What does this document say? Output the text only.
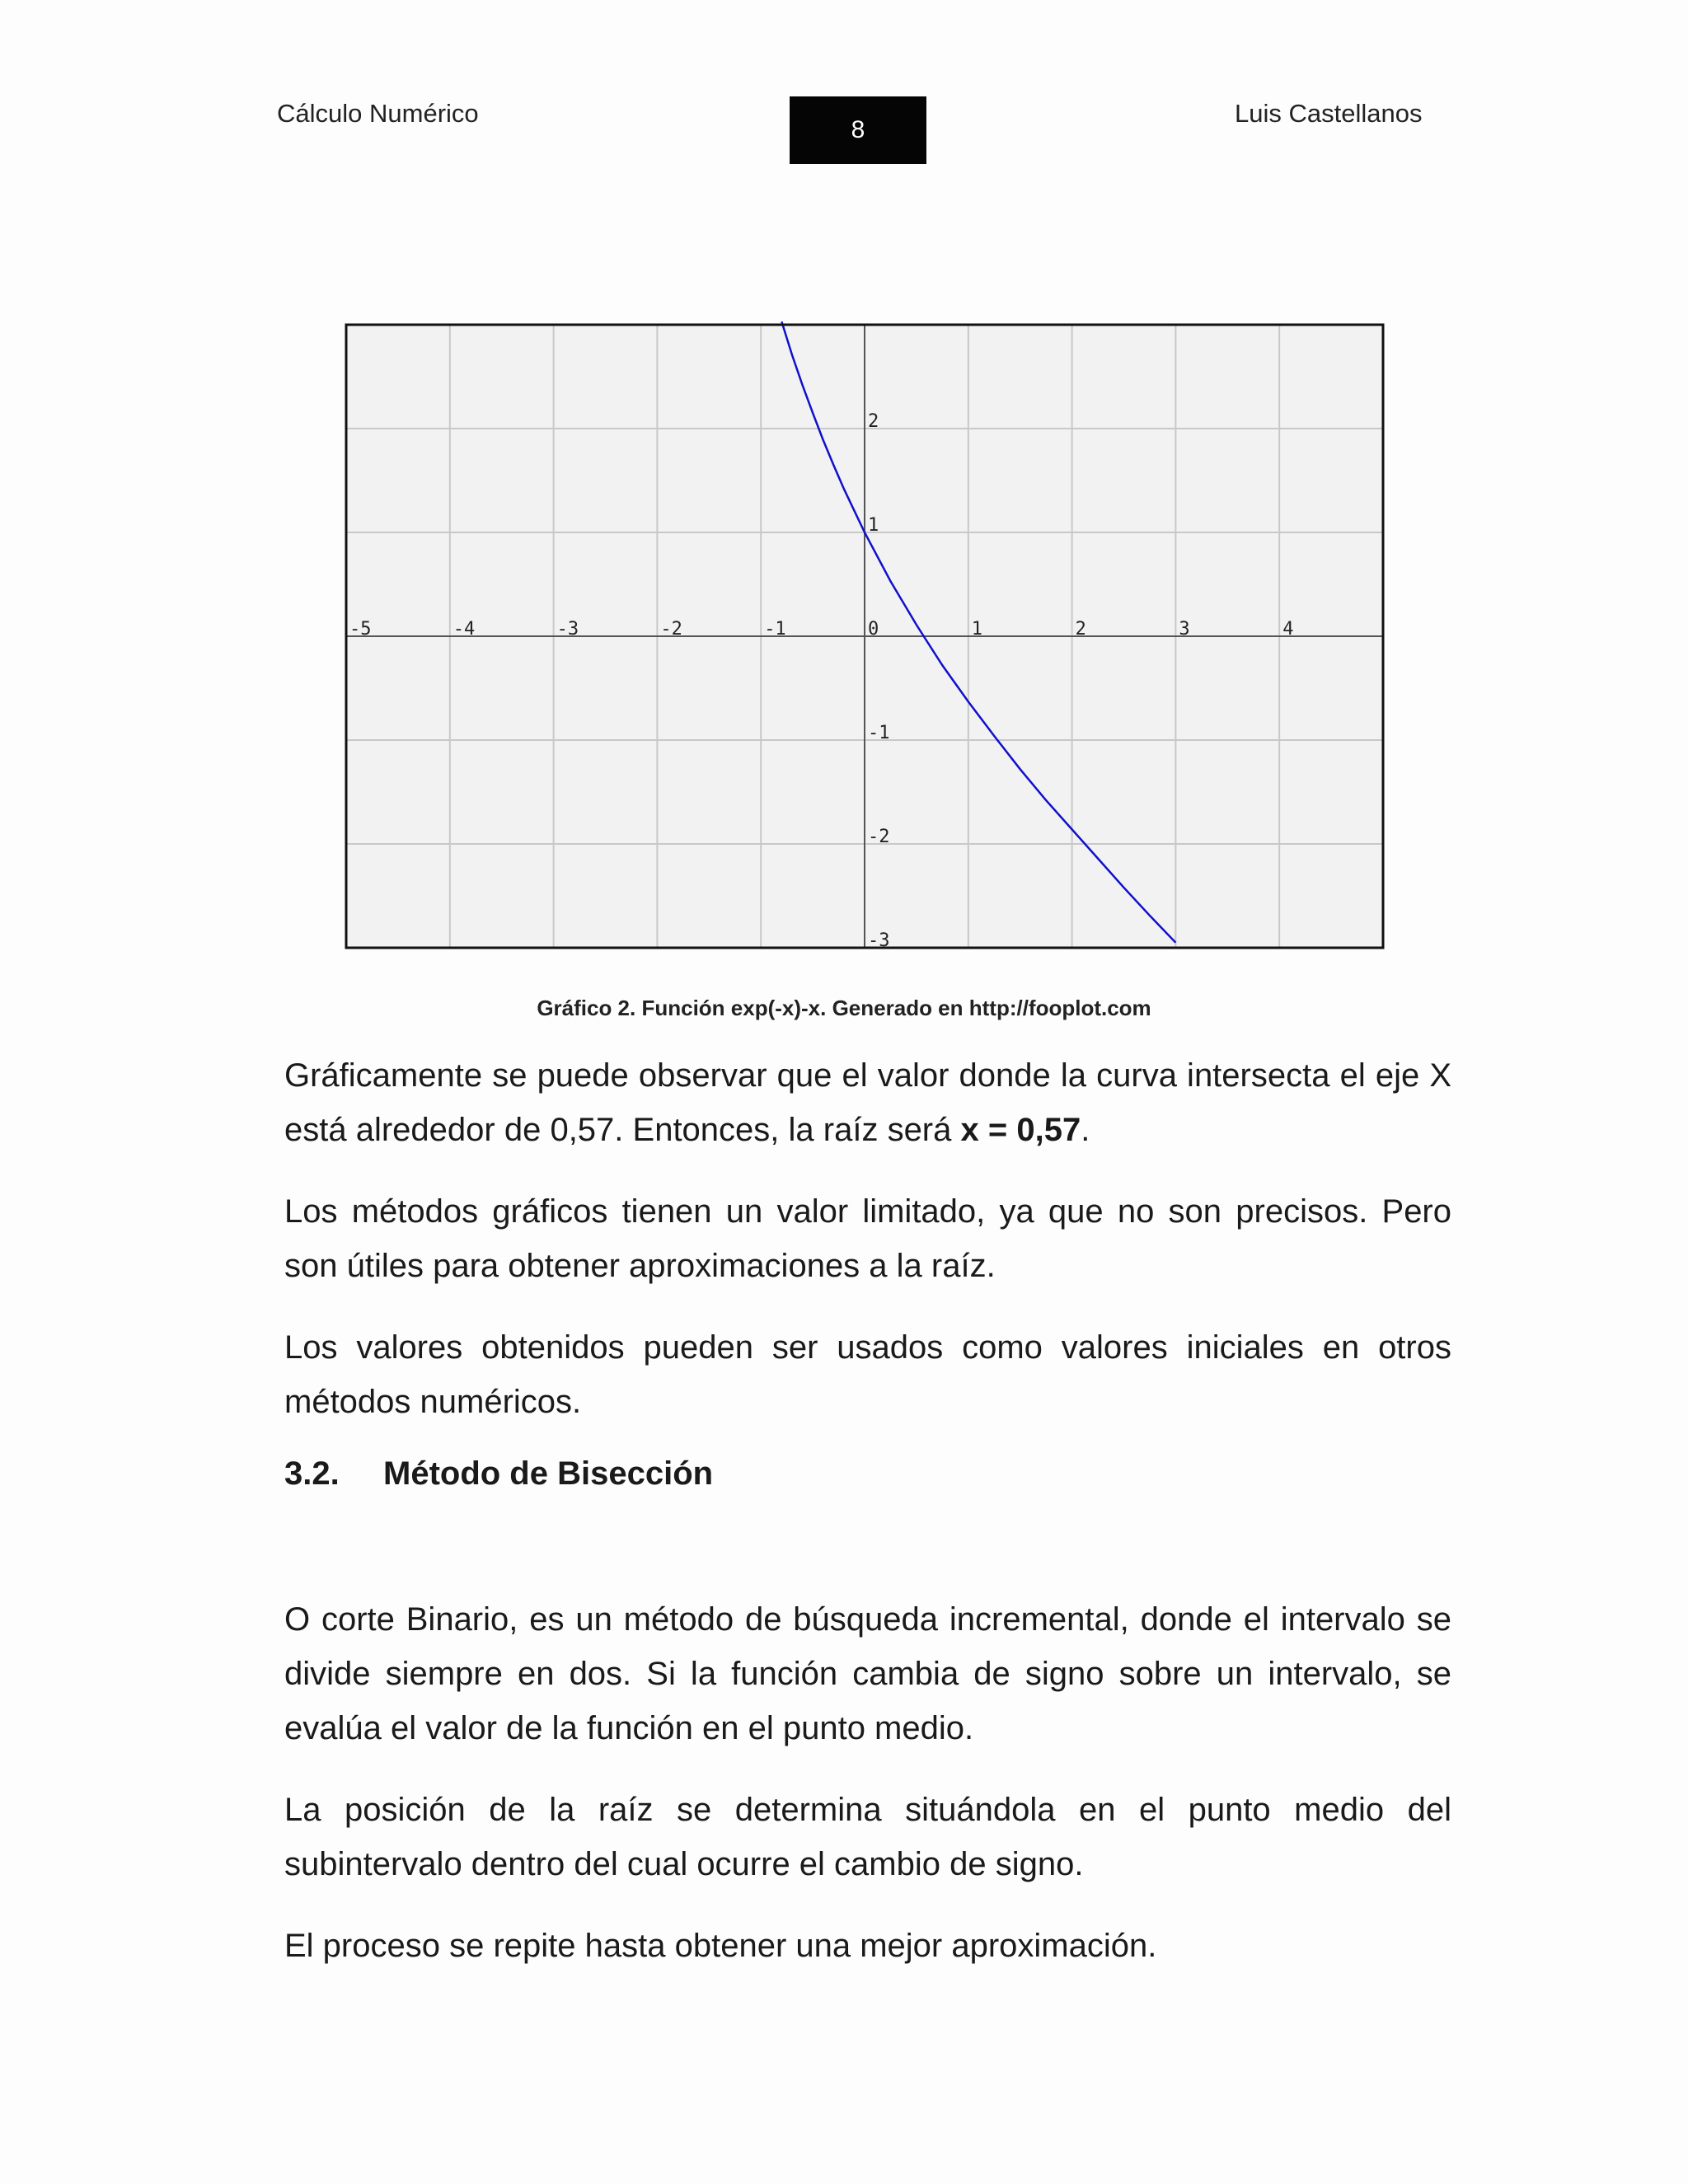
Cálculo Numérico
8
Luis Castellanos
-5	-4	-3	-2	-1	0	1	2	3	4
2
1
-1
-2
-3
Gráfico 2. Función exp(-x)-x. Generado en http://fooplot.com

Gráficamente se puede observar que el valor donde la curva intersecta el eje X está alrededor de 0,57. Entonces, la raíz será x = 0,57.

Los métodos gráficos tienen un valor limitado, ya que no son precisos. Pero son útiles para obtener aproximaciones a la raíz.

Los valores obtenidos pueden ser usados como valores iniciales en otros métodos numéricos.

3.2. Método de Bisección

O corte Binario, es un método de búsqueda incremental, donde el intervalo se divide siempre en dos. Si la función cambia de signo sobre un intervalo, se evalúa el valor de la función en el punto medio.

La posición de la raíz se determina situándola en el punto medio del subintervalo dentro del cual ocurre el cambio de signo.

El proceso se repite hasta obtener una mejor aproximación.
